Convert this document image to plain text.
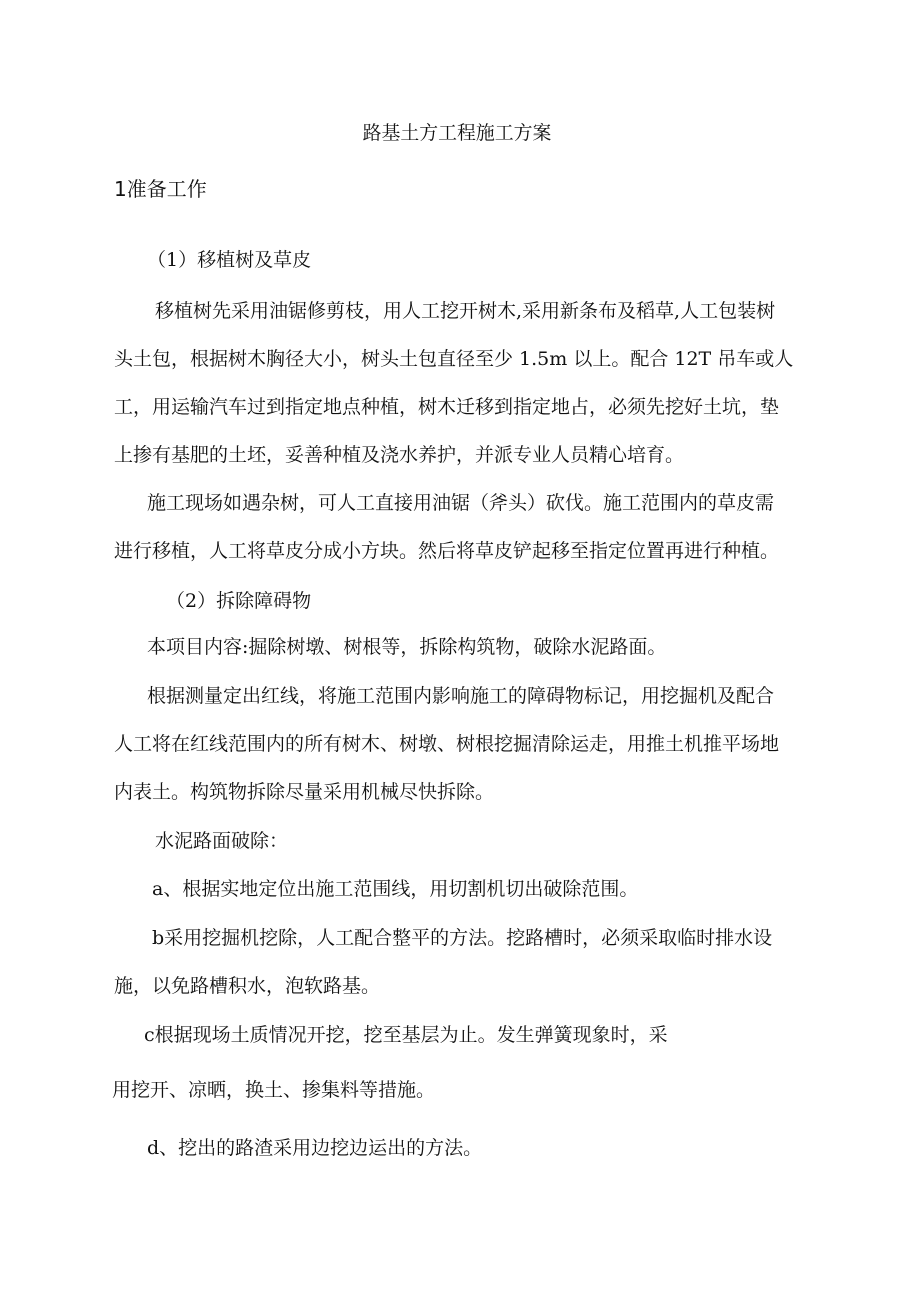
路基土方工程施工方案

1准备工作

（1）移植树及草皮

移植树先采用油锯修剪枝，用人工挖开树木,采用新条布及稻草,人工包装树

头土包，根据树木胸径大小，树头土包直径至少 1.5m 以上。配合 12T 吊车或人

工，用运输汽车过到指定地点种植，树木迁移到指定地占，必须先挖好土坑，垫

上掺有基肥的土坯，妥善种植及浇水养护，并派专业人员精心培育。

施工现场如遇杂树，可人工直接用油锯（斧头）砍伐。施工范围内的草皮需

进行移植，人工将草皮分成小方块。然后将草皮铲起移至指定位置再进行种植。

（2）拆除障碍物

本项目内容:掘除树墩、树根等，拆除构筑物，破除水泥路面。

根据测量定出红线，将施工范围内影响施工的障碍物标记，用挖掘机及配合

人工将在红线范围内的所有树木、树墩、树根挖掘清除运走，用推土机推平场地

内表土。构筑物拆除尽量采用机械尽快拆除。

水泥路面破除：

a、根据实地定位出施工范围线，用切割机切出破除范围。

b采用挖掘机挖除，人工配合整平的方法。挖路槽时，必须采取临时排水设

施，以免路槽积水，泡软路基。

c根据现场土质情况开挖，挖至基层为止。发生弹簧现象时，采

用挖开、凉晒，换土、掺集料等措施。

d、挖出的路渣采用边挖边运出的方法。
